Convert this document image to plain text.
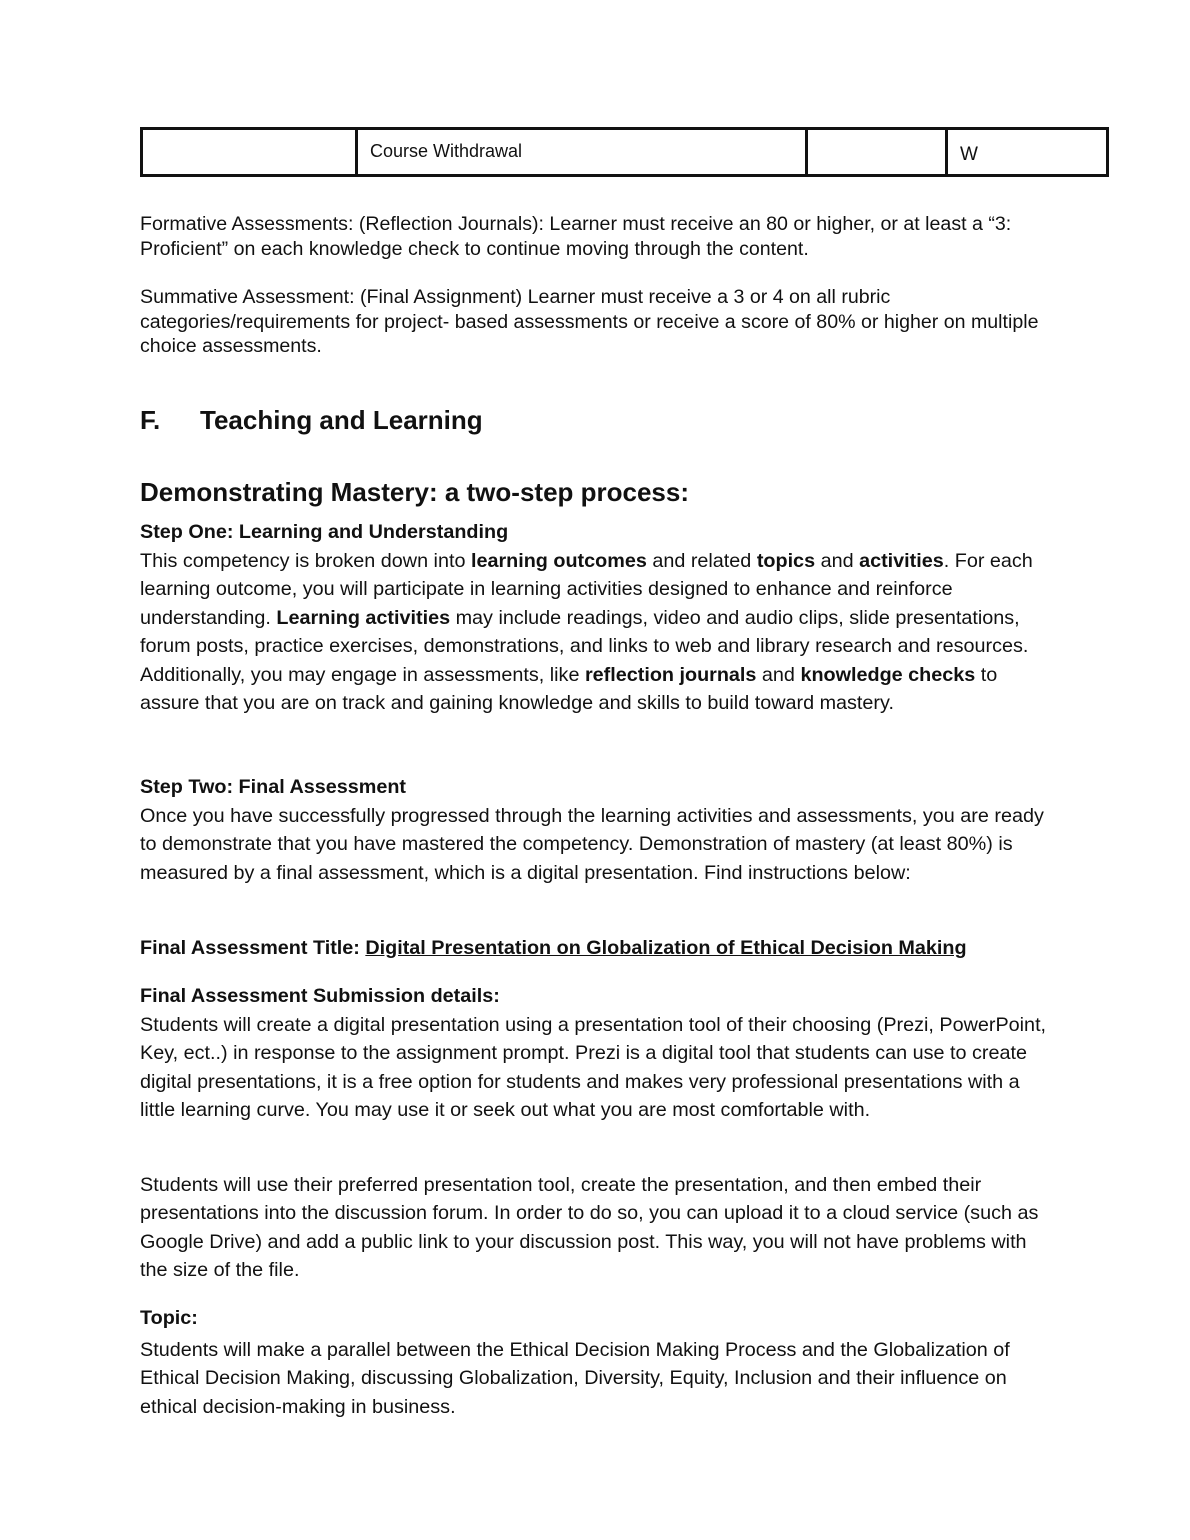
	Course Withdrawal		W

Formative Assessments: (Reflection Journals): Learner must receive an 80 or higher, or at least a “3: Proficient” on each knowledge check to continue moving through the content.

Summative Assessment: (Final Assignment) Learner must receive a 3 or 4 on all rubric categories/requirements for project- based assessments or receive a score of 80% or higher on multiple choice assessments.

F. Teaching and Learning
Demonstrating Mastery: a two-step process:
Step One: Learning and Understanding

This competency is broken down into learning outcomes and related topics and activities. For each learning outcome, you will participate in learning activities designed to enhance and reinforce understanding. Learning activities may include readings, video and audio clips, slide presentations, forum posts, practice exercises, demonstrations, and links to web and library research and resources. Additionally, you may engage in assessments, like reflection journals and knowledge checks to assure that you are on track and gaining knowledge and skills to build toward mastery.

Step Two: Final Assessment

Once you have successfully progressed through the learning activities and assessments, you are ready to demonstrate that you have mastered the competency. Demonstration of mastery (at least 80%) is measured by a final assessment, which is a digital presentation. Find instructions below:

Final Assessment Title: Digital Presentation on Globalization of Ethical Decision Making

Final Assessment Submission details:

Students will create a digital presentation using a presentation tool of their choosing (Prezi, PowerPoint, Key, ect..) in response to the assignment prompt. Prezi is a digital tool that students can use to create digital presentations, it is a free option for students and makes very professional presentations with a little learning curve. You may use it or seek out what you are most comfortable with.

Students will use their preferred presentation tool, create the presentation, and then embed their presentations into the discussion forum. In order to do so, you can upload it to a cloud service (such as Google Drive) and add a public link to your discussion post. This way, you will not have problems with the size of the file.

Topic:

Students will make a parallel between the Ethical Decision Making Process and the Globalization of Ethical Decision Making, discussing Globalization, Diversity, Equity, Inclusion and their influence on ethical decision-making in business.
